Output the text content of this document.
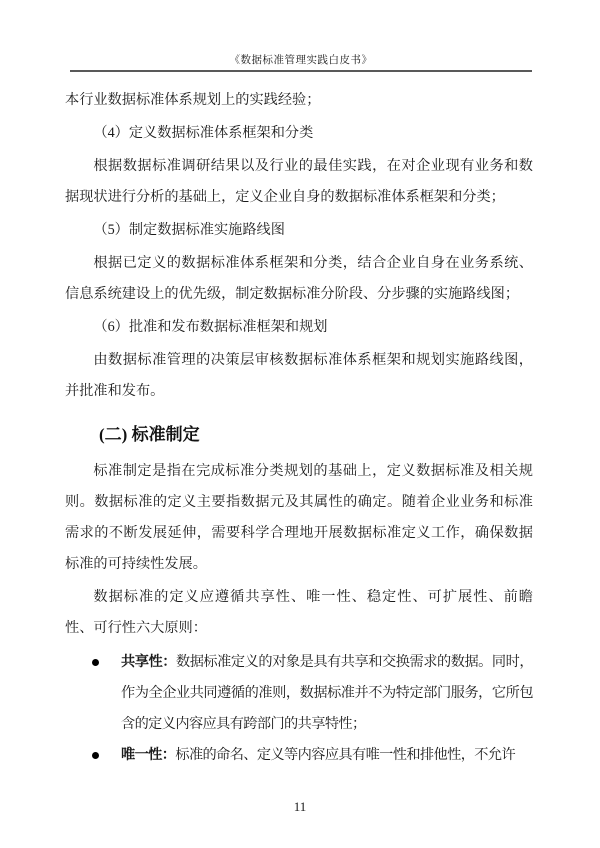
《数据标准管理实践白皮书》

本行业数据标准体系规划上的实践经验；

（4）定义数据标准体系框架和分类

根据数据标准调研结果以及行业的最佳实践，在对企业现有业务和数据现状进行分析的基础上，定义企业自身的数据标准体系框架和分类；

（5）制定数据标准实施路线图

根据已定义的数据标准体系框架和分类，结合企业自身在业务系统、信息系统建设上的优先级，制定数据标准分阶段、分步骤的实施路线图；

（6）批准和发布数据标准框架和规划

由数据标准管理的决策层审核数据标准体系框架和规划实施路线图，并批准和发布。

(二) 标准制定

标准制定是指在完成标准分类规划的基础上，定义数据标准及相关规则。数据标准的定义主要指数据元及其属性的确定。随着企业业务和标准需求的不断发展延伸，需要科学合理地开展数据标准定义工作，确保数据标准的可持续性发展。

数据标准的定义应遵循共享性、唯一性、稳定性、可扩展性、前瞻性、可行性六大原则：

共享性：数据标准定义的对象是具有共享和交换需求的数据。同时，作为全企业共同遵循的准则，数据标准并不为特定部门服务，它所包含的定义内容应具有跨部门的共享特性；
唯一性：标准的命名、定义等内容应具有唯一性和排他性，不允许
11
